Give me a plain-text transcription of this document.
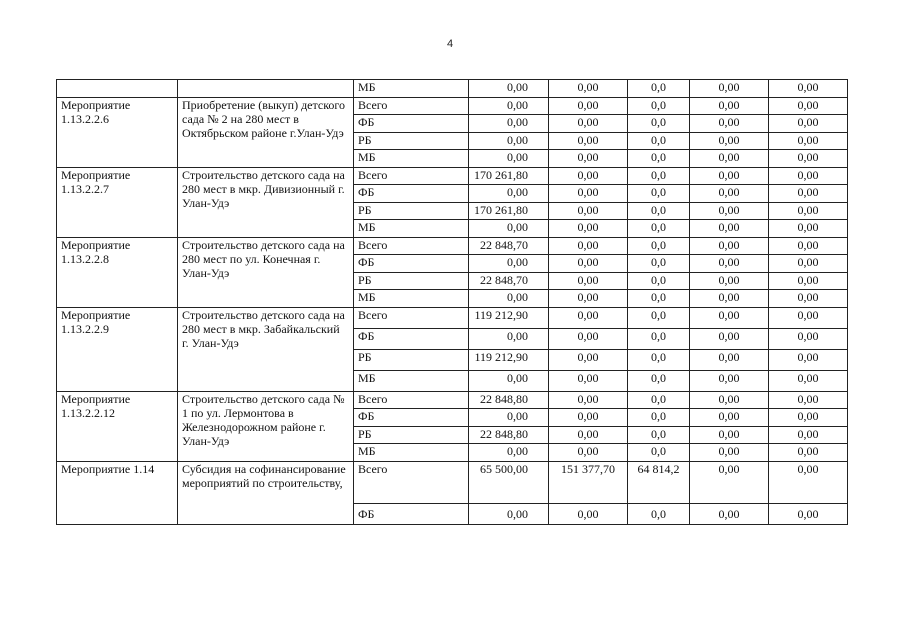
4
		МБ	0,00	0,00	0,0	0,00	0,00
Мероприятие 1.13.2.2.6	Приобретение (выкуп) детского сада № 2 на 280 мест в Октябрьском районе г.Улан-Удэ	Всего	0,00	0,00	0,0	0,00	0,00
		ФБ	0,00	0,00	0,0	0,00	0,00
		РБ	0,00	0,00	0,0	0,00	0,00
		МБ	0,00	0,00	0,0	0,00	0,00
Мероприятие 1.13.2.2.7	Строительство детского сада на 280 мест в мкр. Дивизионный г. Улан-Удэ	Всего	170 261,80	0,00	0,0	0,00	0,00
		ФБ	0,00	0,00	0,0	0,00	0,00
		РБ	170 261,80	0,00	0,0	0,00	0,00
		МБ	0,00	0,00	0,0	0,00	0,00
Мероприятие 1.13.2.2.8	Строительство детского сада на 280 мест по ул. Конечная г. Улан-Удэ	Всего	22 848,70	0,00	0,0	0,00	0,00
		ФБ	0,00	0,00	0,0	0,00	0,00
		РБ	22 848,70	0,00	0,0	0,00	0,00
		МБ	0,00	0,00	0,0	0,00	0,00
Мероприятие 1.13.2.2.9	Строительство детского сада на 280 мест в мкр. Забайкальский г. Улан-Удэ	Всего	119 212,90	0,00	0,0	0,00	0,00
		ФБ	0,00	0,00	0,0	0,00	0,00
		РБ	119 212,90	0,00	0,0	0,00	0,00
		МБ	0,00	0,00	0,0	0,00	0,00
Мероприятие 1.13.2.2.12	Строительство детского сада № 1 по ул. Лермонтова в Железнодорожном районе г. Улан-Удэ	Всего	22 848,80	0,00	0,0	0,00	0,00
		ФБ	0,00	0,00	0,0	0,00	0,00
		РБ	22 848,80	0,00	0,0	0,00	0,00
		МБ	0,00	0,00	0,0	0,00	0,00
Мероприятие 1.14	Субсидия на софинансирование мероприятий по строительству,	Всего	65 500,00	151 377,70	64 814,2	0,00	0,00
		ФБ	0,00	0,00	0,0	0,00	0,00
